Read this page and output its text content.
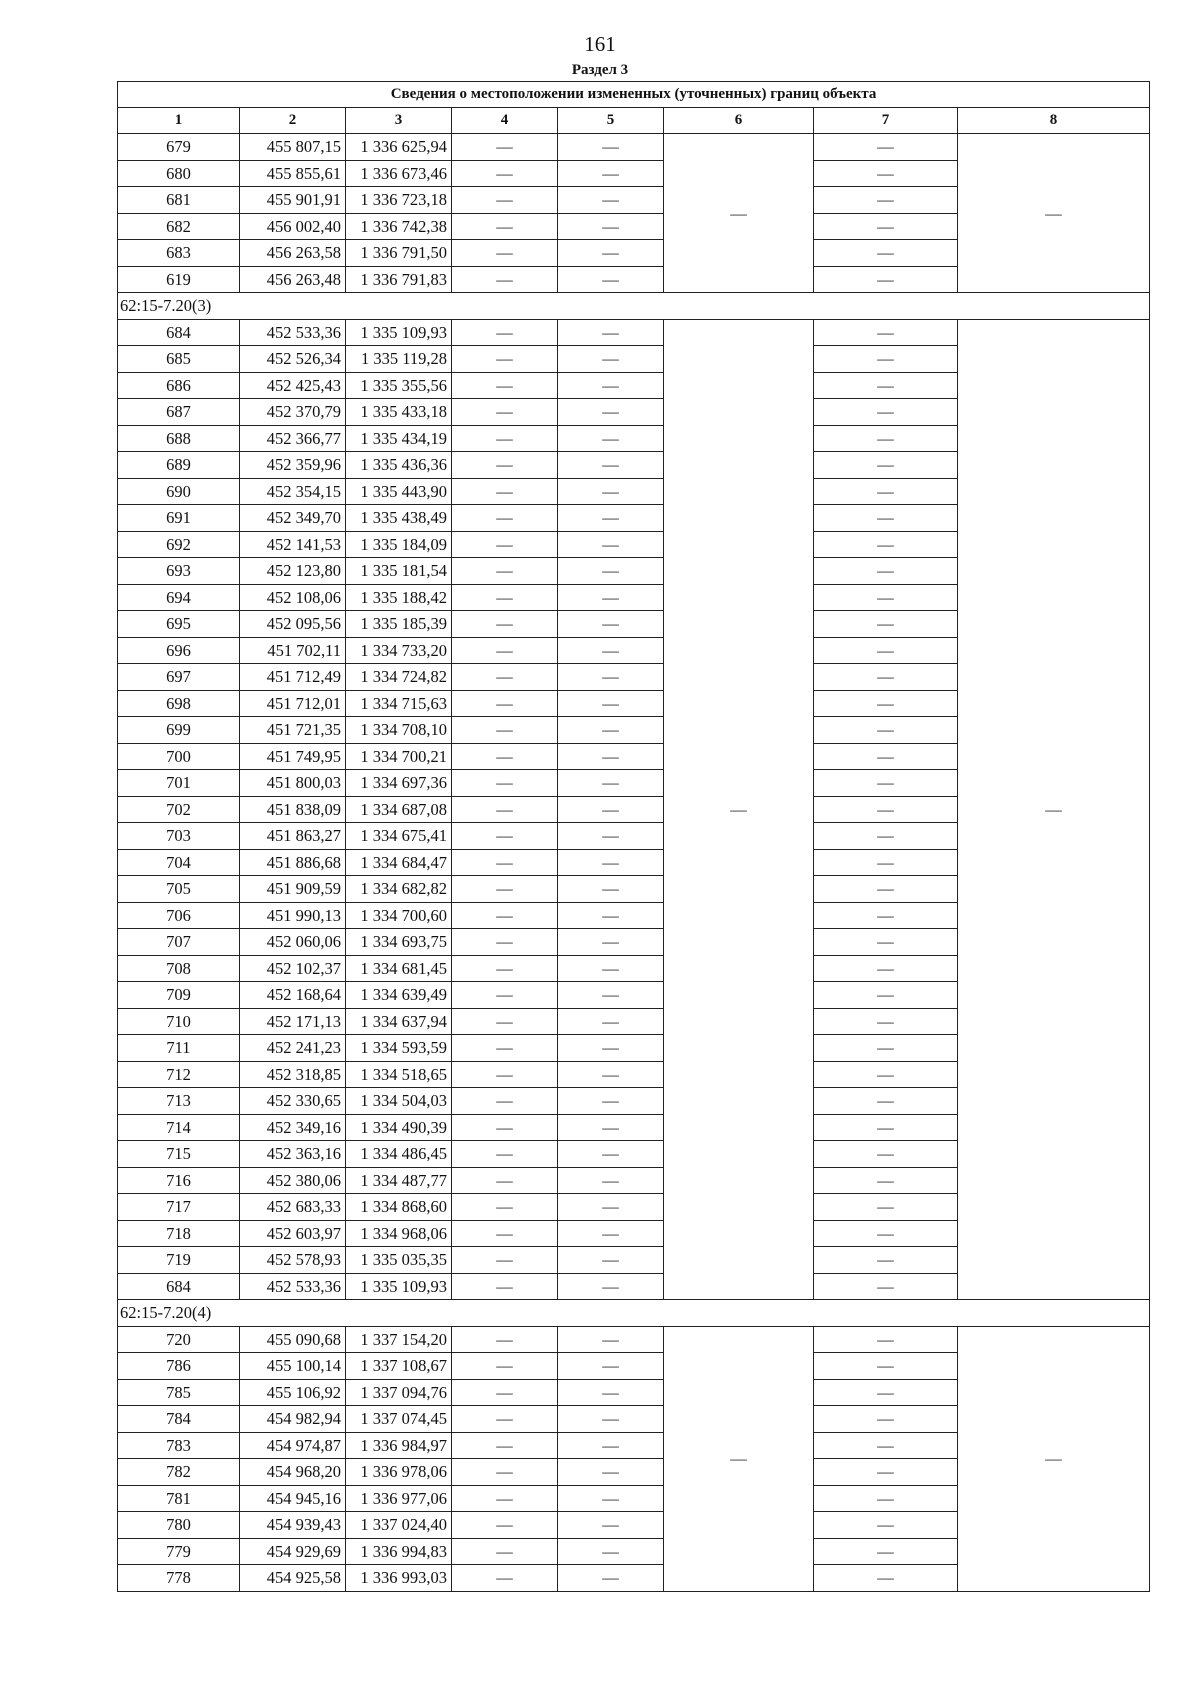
161
Раздел 3
Сведения о местоположении измененных (уточненных) границ объекта							
1	2	3	4	5	6	7	8
679	455 807,15	1 336 625,94	—	—	—	—	—
680	455 855,61	1 336 673,46	—	—		—	
681	455 901,91	1 336 723,18	—	—		—	
682	456 002,40	1 336 742,38	—	—		—	
683	456 263,58	1 336 791,50	—	—		—	
619	456 263,48	1 336 791,83	—	—		—	
62:15-7.20(3)							
684	452 533,36	1 335 109,93	—	—	—	—	—
685	452 526,34	1 335 119,28	—	—		—	
686	452 425,43	1 335 355,56	—	—		—	
687	452 370,79	1 335 433,18	—	—		—	
688	452 366,77	1 335 434,19	—	—		—	
689	452 359,96	1 335 436,36	—	—		—	
690	452 354,15	1 335 443,90	—	—		—	
691	452 349,70	1 335 438,49	—	—		—	
692	452 141,53	1 335 184,09	—	—		—	
693	452 123,80	1 335 181,54	—	—		—	
694	452 108,06	1 335 188,42	—	—		—	
695	452 095,56	1 335 185,39	—	—		—	
696	451 702,11	1 334 733,20	—	—		—	
697	451 712,49	1 334 724,82	—	—		—	
698	451 712,01	1 334 715,63	—	—		—	
699	451 721,35	1 334 708,10	—	—		—	
700	451 749,95	1 334 700,21	—	—		—	
701	451 800,03	1 334 697,36	—	—		—	
702	451 838,09	1 334 687,08	—	—		—	
703	451 863,27	1 334 675,41	—	—		—	
704	451 886,68	1 334 684,47	—	—		—	
705	451 909,59	1 334 682,82	—	—		—	
706	451 990,13	1 334 700,60	—	—		—	
707	452 060,06	1 334 693,75	—	—		—	
708	452 102,37	1 334 681,45	—	—		—	
709	452 168,64	1 334 639,49	—	—		—	
710	452 171,13	1 334 637,94	—	—		—	
711	452 241,23	1 334 593,59	—	—		—	
712	452 318,85	1 334 518,65	—	—		—	
713	452 330,65	1 334 504,03	—	—		—	
714	452 349,16	1 334 490,39	—	—		—	
715	452 363,16	1 334 486,45	—	—		—	
716	452 380,06	1 334 487,77	—	—		—	
717	452 683,33	1 334 868,60	—	—		—	
718	452 603,97	1 334 968,06	—	—		—	
719	452 578,93	1 335 035,35	—	—		—	
684	452 533,36	1 335 109,93	—	—		—	
62:15-7.20(4)							
720	455 090,68	1 337 154,20	—	—	—	—	—
786	455 100,14	1 337 108,67	—	—		—	
785	455 106,92	1 337 094,76	—	—		—	
784	454 982,94	1 337 074,45	—	—		—	
783	454 974,87	1 336 984,97	—	—		—	
782	454 968,20	1 336 978,06	—	—		—	
781	454 945,16	1 336 977,06	—	—		—	
780	454 939,43	1 337 024,40	—	—		—	
779	454 929,69	1 336 994,83	—	—		—	
778	454 925,58	1 336 993,03	—	—		—	
